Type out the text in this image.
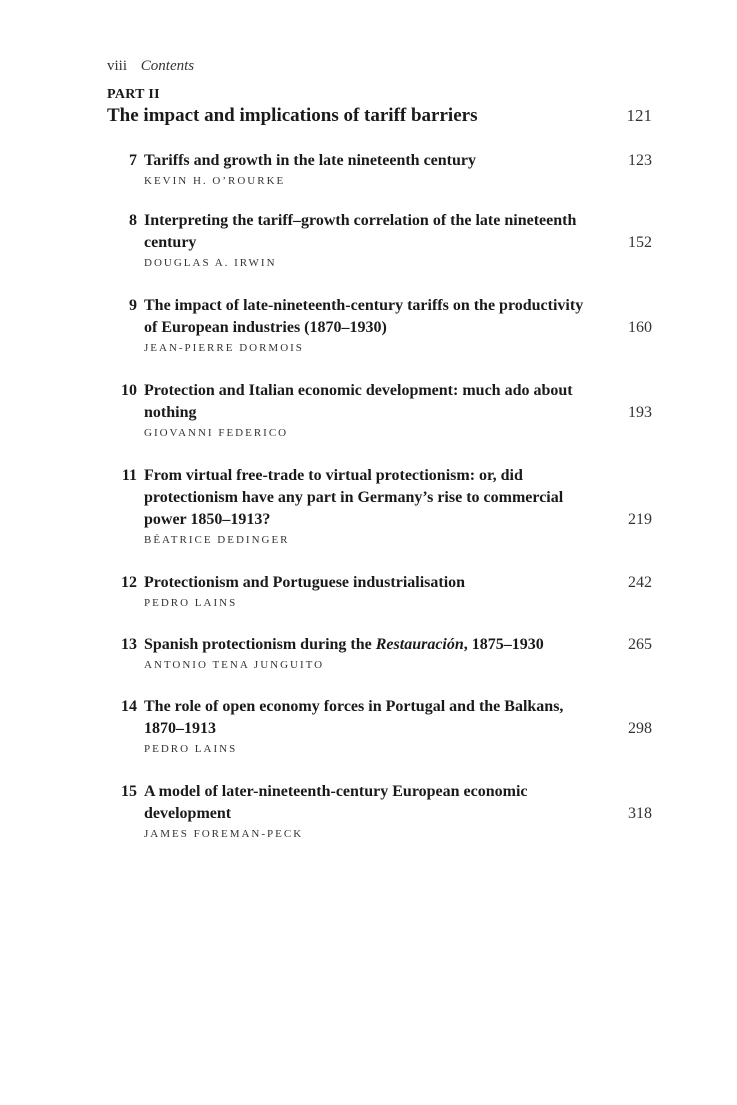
viii Contents
PART II
The impact and implications of tariff barriers	121
7 Tariffs and growth in the late nineteenth century
KEVIN H. O’ROURKE
123
8 Interpreting the tariff–growth correlation of the late nineteenth
century
DOUGLAS A. IRWIN
152
9 The impact of late-nineteenth-century tariffs on the productivity
of European industries (1870–1930)
JEAN-PIERRE DORMOIS
160
10 Protection and Italian economic development: much ado about
nothing
GIOVANNI FEDERICO
193
11 From virtual free-trade to virtual protectionism: or, did
protectionism have any part in Germany’s rise to commercial
power 1850–1913?
BÉATRICE DEDINGER
219
12 Protectionism and Portuguese industrialisation
PEDRO LAINS
242
13 Spanish protectionism during the Restauración, 1875–1930
ANTONIO TENA JUNGUITO
265
14 The role of open economy forces in Portugal and the Balkans,
1870–1913
PEDRO LAINS
298
15 A model of later-nineteenth-century European economic
development
JAMES FOREMAN-PECK
318
